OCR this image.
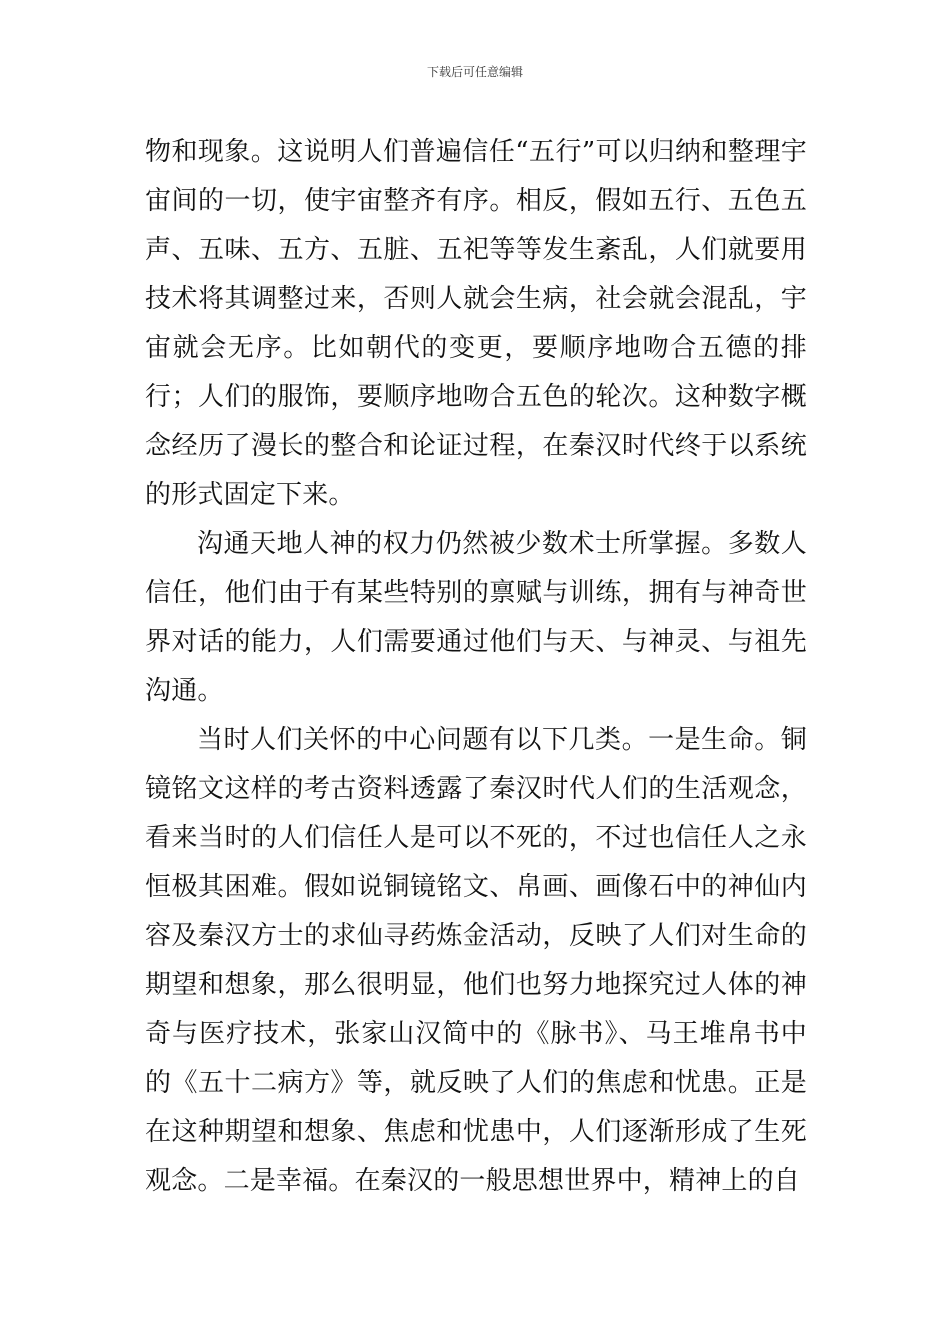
下载后可任意编辑

物和现象。这说明人们普遍信任“五行”可以归纳和整理宇宙间的一切，使宇宙整齐有序。相反，假如五行、五色五声、五味、五方、五脏、五祀等等发生紊乱，人们就要用技术将其调整过来，否则人就会生病，社会就会混乱，宇宙就会无序。比如朝代的变更，要顺序地吻合五德的排行；人们的服饰，要顺序地吻合五色的轮次。这种数字概念经历了漫长的整合和论证过程，在秦汉时代终于以系统的形式固定下来。

沟通天地人神的权力仍然被少数术士所掌握。多数人信任，他们由于有某些特别的禀赋与训练，拥有与神奇世界对话的能力，人们需要通过他们与天、与神灵、与祖先沟通。

当时人们关怀的中心问题有以下几类。一是生命。铜镜铭文这样的考古资料透露了秦汉时代人们的生活观念，看来当时的人们信任人是可以不死的，不过也信任人之永恒极其困难。假如说铜镜铭文、帛画、画像石中的神仙内容及秦汉方士的求仙寻药炼金活动，反映了人们对生命的期望和想象，那么很明显，他们也努力地探究过人体的神奇与医疗技术，张家山汉简中的《脉书》、马王堆帛书中的《五十二病方》等，就反映了人们的焦虑和忧患。正是在这种期望和想象、焦虑和忧患中，人们逐渐形成了生死观念。二是幸福。在秦汉的一般思想世界中，精神上的自
